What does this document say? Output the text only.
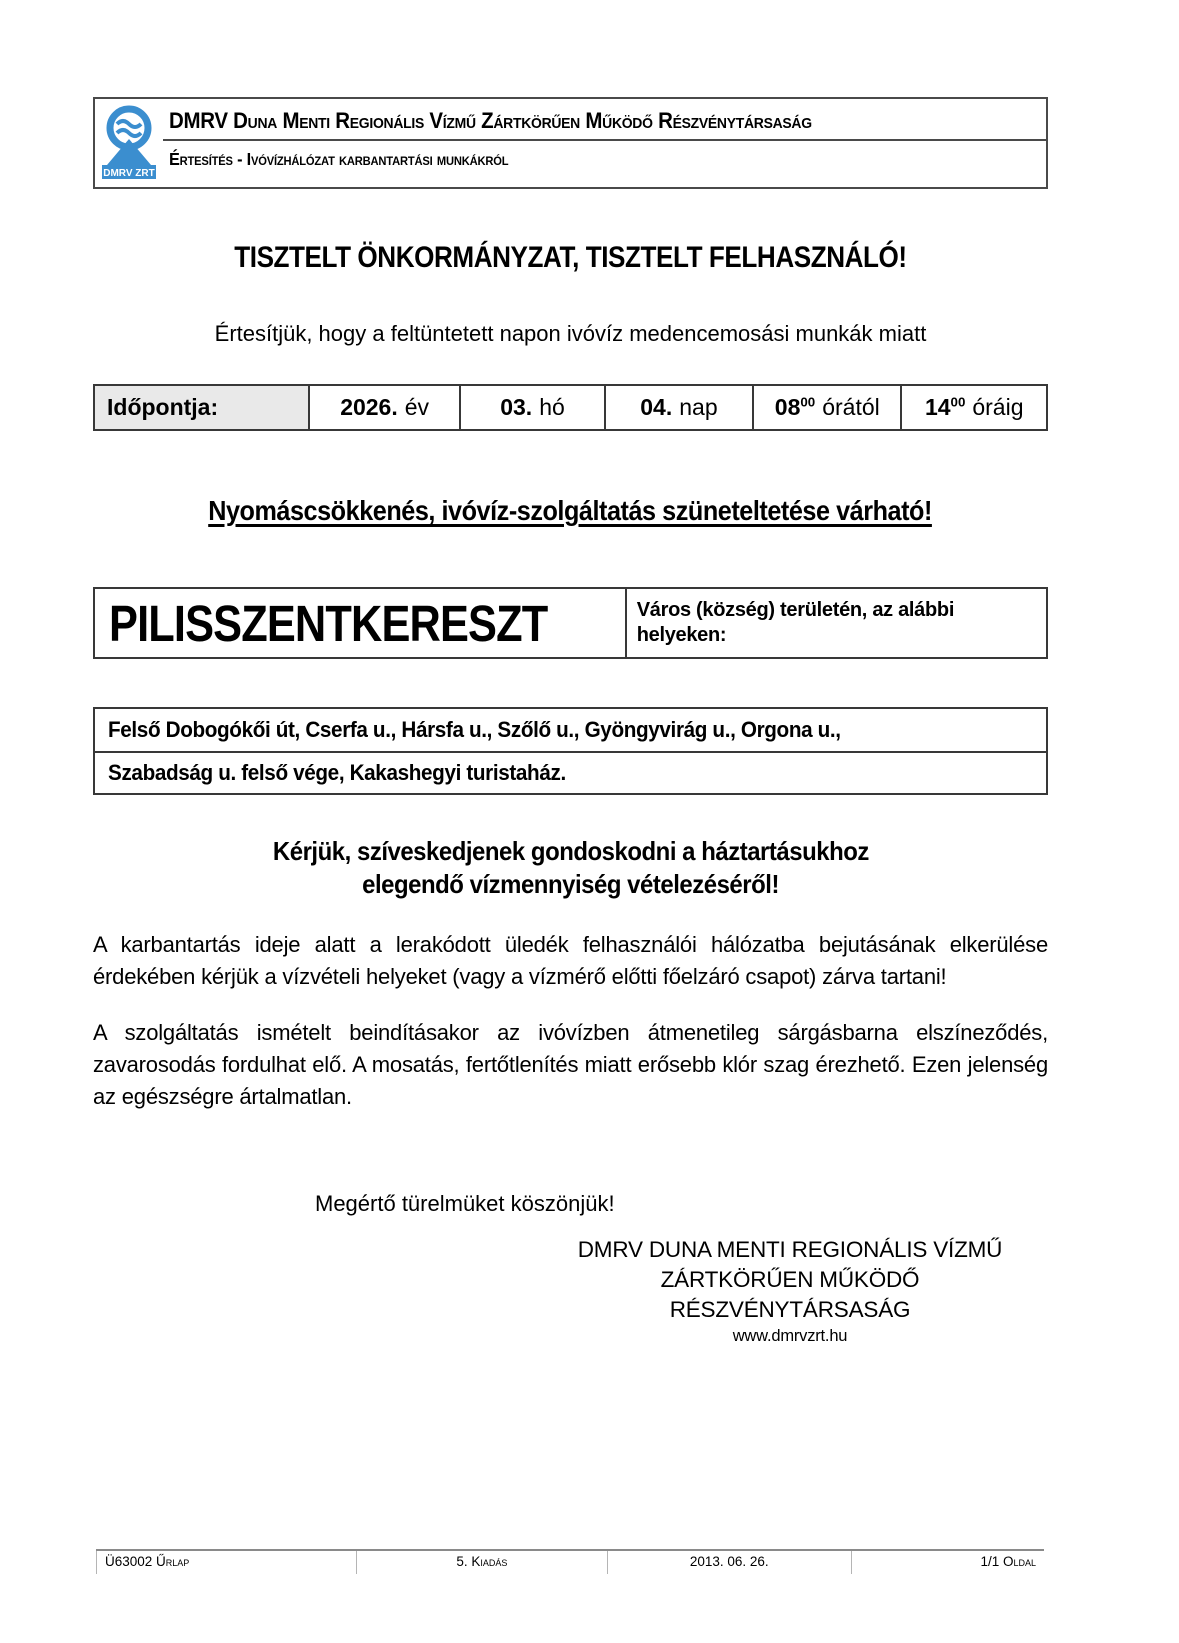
DMRV ZRT
DMRV Duna Menti Regionális Vízmű Zártkörűen Működő Részvénytársaság
Értesítés - Ivóvízhálózat karbantartási munkákról
TISZTELT ÖNKORMÁNYZAT, TISZTELT FELHASZNÁLÓ!
Értesítjük, hogy a feltüntetett napon ivóvíz medencemosási munkák miatt
Időpontja:	2026. év	03. hó	04. nap $08^{00}$ órától $14^{00}$ óráig
Nyomáscsökkenés, ivóvíz-szolgáltatás szüneteltetése várható!
PILISSZENTKERESZT	Város (község) területén, az alábbi helyeken:
Felső Dobogókői út, Cserfa u., Hársfa u., Szőlő u., Gyöngyvirág u., Orgona u.,
Szabadság u. felső vége, Kakashegyi turistaház.
Kérjük, szíveskedjenek gondoskodni a háztartásukhoz
elegendő vízmennyiség vételezéséről!
A karbantartás ideje alatt a lerakódott üledék felhasználói hálózatba bejutásának elkerülése érdekében kérjük a vízvételi helyeket (vagy a vízmérő előtti főelzáró csapot) zárva tartani!
A szolgáltatás ismételt beindításakor az ivóvízben átmenetileg sárgásbarna elszíneződés, zavarosodás fordulhat elő. A mosatás, fertőtlenítés miatt erősebb klór szag érezhető. Ezen jelenség az egészségre ártalmatlan.
Megértő türelmüket köszönjük!
DMRV DUNA MENTI REGIONÁLIS VÍZMŰ
ZÁRTKÖRŰEN MŰKÖDŐ RÉSZVÉNYTÁRSASÁG
www.dmrvzrt.hu
Ü63002 Űrlap	5. Kiadás	2013. 06. 26.	1/1 Oldal
